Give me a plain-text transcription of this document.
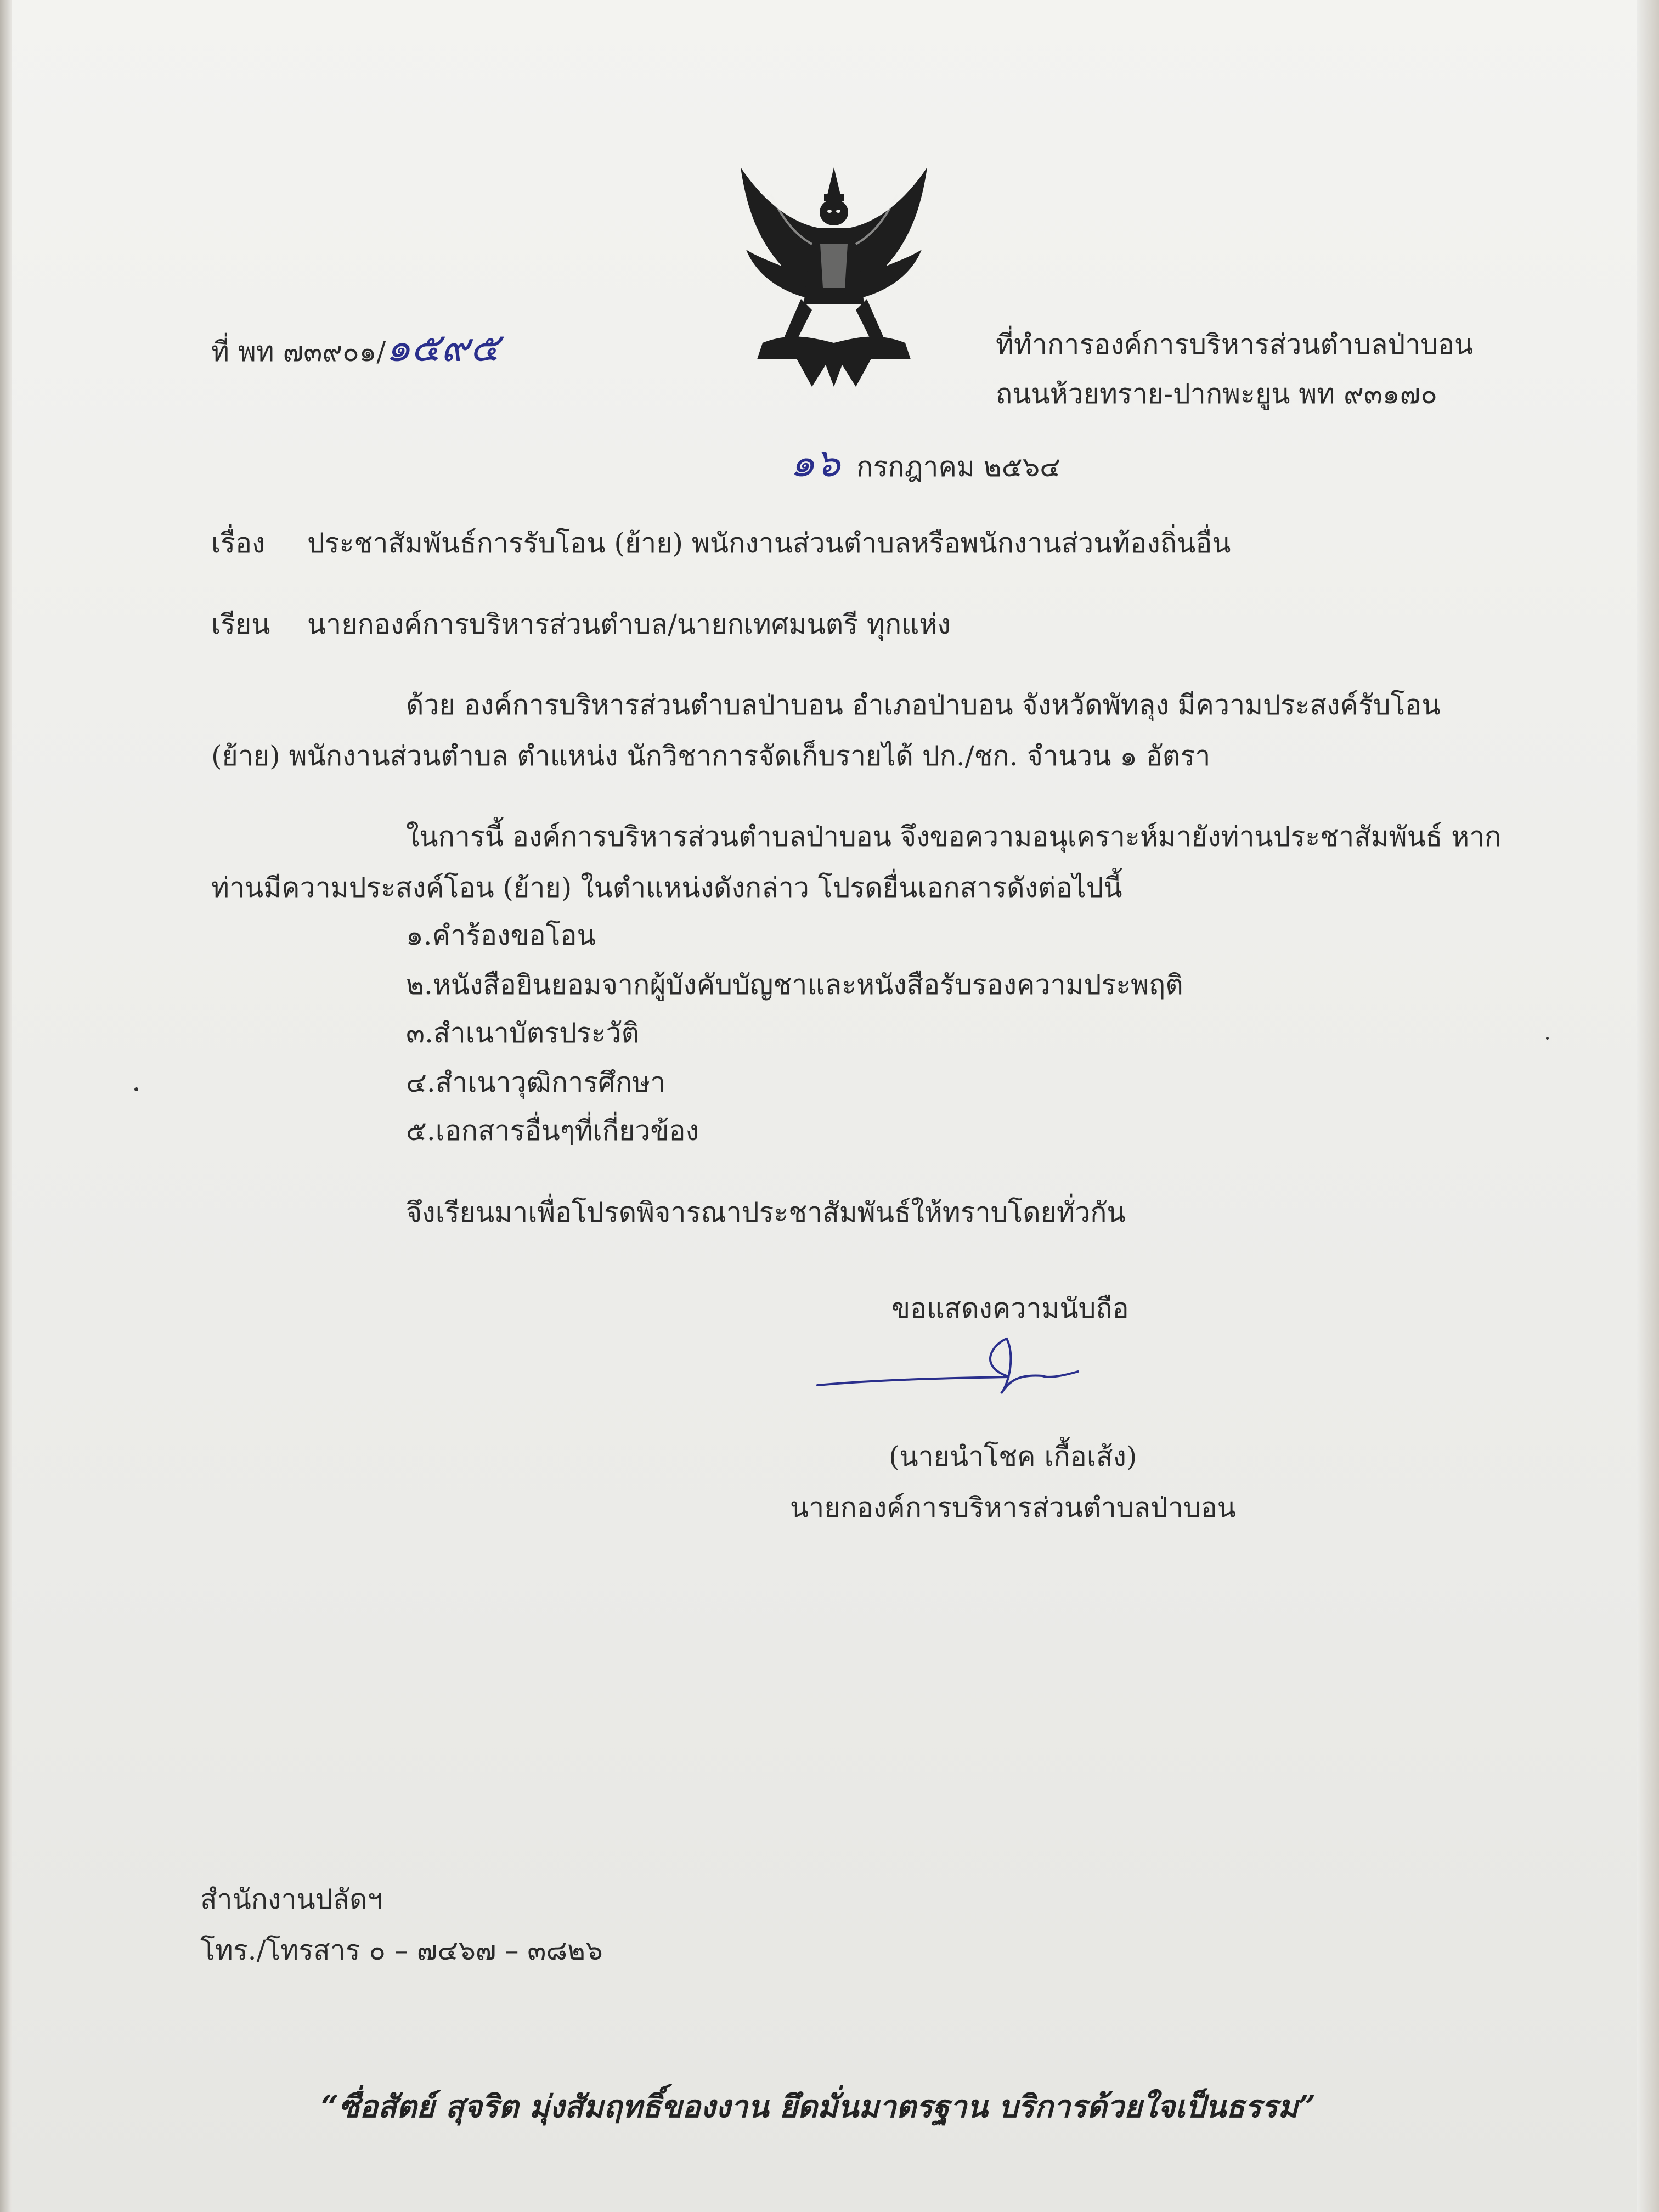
ที่ พท ๗๓๙๐๑/๑๕๙๕	ที่ทำการองค์การบริหารส่วนตำบลป่าบอน
ถนนห้วยทราย-ปากพะยูน พท ๙๓๑๗๐
๑๖ กรกฎาคม ๒๕๖๔
เรื่อง ประชาสัมพันธ์การรับโอน (ย้าย) พนักงานส่วนตำบลหรือพนักงานส่วนท้องถิ่นอื่น
เรียน นายกองค์การบริหารส่วนตำบล/นายกเทศมนตรี ทุกแห่ง
ด้วย องค์การบริหารส่วนตำบลป่าบอน อำเภอป่าบอน จังหวัดพัทลุง มีความประสงค์รับโอน
(ย้าย) พนักงานส่วนตำบล ตำแหน่ง นักวิชาการจัดเก็บรายได้ ปก./ชก. จำนวน ๑ อัตรา
ในการนี้ องค์การบริหารส่วนตำบลป่าบอน จึงขอความอนุเคราะห์มายังท่านประชาสัมพันธ์ หาก
ท่านมีความประสงค์โอน (ย้าย) ในตำแหน่งดังกล่าว โปรดยื่นเอกสารดังต่อไปนี้
๑.คำร้องขอโอน
๒.หนังสือยินยอมจากผู้บังคับบัญชาและหนังสือรับรองความประพฤติ
๓.สำเนาบัตรประวัติ
๔.สำเนาวุฒิการศึกษา
๕.เอกสารอื่นๆที่เกี่ยวข้อง
จึงเรียนมาเพื่อโปรดพิจารณาประชาสัมพันธ์ให้ทราบโดยทั่วกัน
ขอแสดงความนับถือ
(นายนำโชค เกื้อเส้ง)
นายกองค์การบริหารส่วนตำบลป่าบอน
สำนักงานปลัดฯ
โทร./โทรสาร ๐ – ๗๔๖๗ – ๓๘๒๖
“ซื่อสัตย์ สุจริต มุ่งสัมฤทธิ์ของงาน ยึดมั่นมาตรฐาน บริการด้วยใจเป็นธรรม”
